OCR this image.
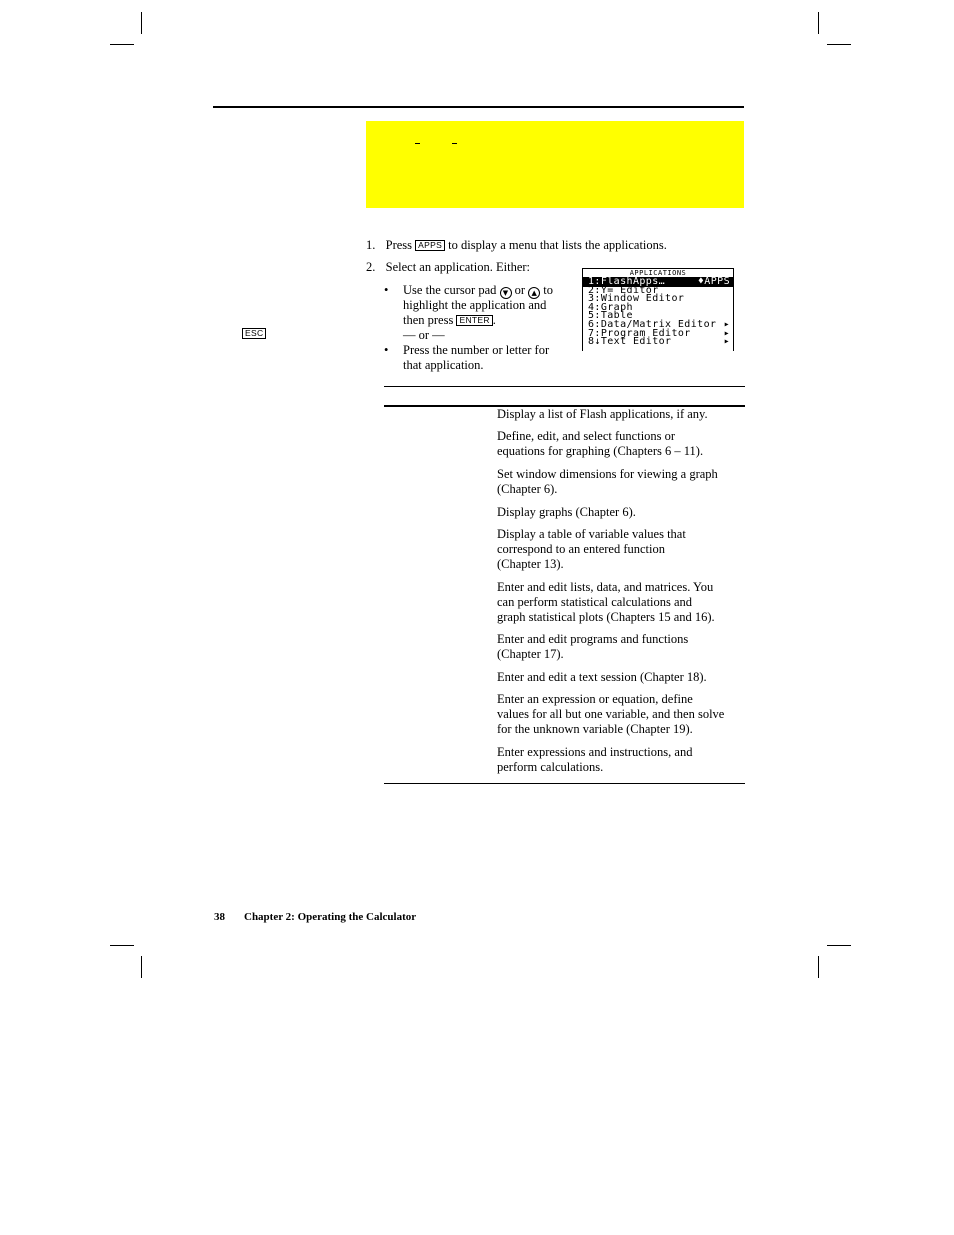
ESC
1. Press APPS to display a menu that lists the applications.
2. Select an application. Either:
• Use the cursor pad ▼ or ▲ to
highlight the application and
then press ENTER .
— or —
• Press the number or letter for
that application.
APPLICATIONS
1:FlashApps…	♦APPS
2:Y= Editor
3:Window Editor
4:Graph
5:Table
6:Data/Matrix Editor ▸
7:Program Editor	▸
8↓Text Editor	▸
Display a list of Flash applications, if any.
Define, edit, and select functions or
equations for graphing (Chapters 6 – 11).
Set window dimensions for viewing a graph
(Chapter 6).
Display graphs (Chapter 6).
Display a table of variable values that
correspond to an entered function
(Chapter 13).
Enter and edit lists, data, and matrices. You
can perform statistical calculations and
graph statistical plots (Chapters 15 and 16).
Enter and edit programs and functions
(Chapter 17).
Enter and edit a text session (Chapter 18).
Enter an expression or equation, define
values for all but one variable, and then solve
for the unknown variable (Chapter 19).
Enter expressions and instructions, and
perform calculations.
38 Chapter 2: Operating the Calculator
